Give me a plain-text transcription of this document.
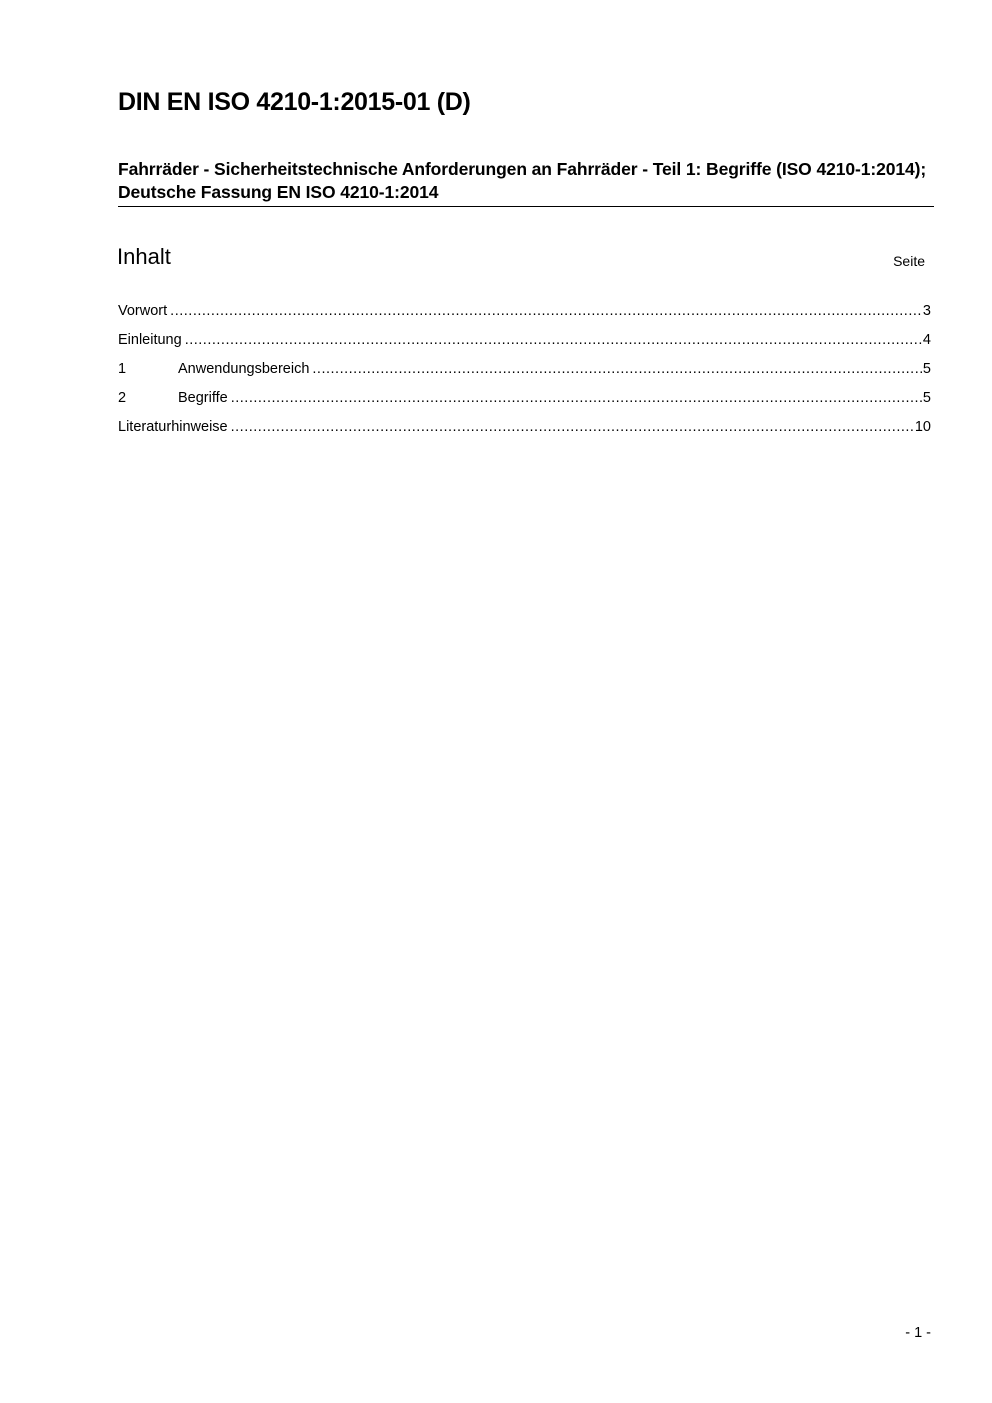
DIN EN ISO 4210-1:2015-01 (D)
Fahrräder - Sicherheitstechnische Anforderungen an Fahrräder - Teil 1: Begriffe (ISO 4210-1:2014); Deutsche Fassung EN ISO 4210-1:2014
Inhalt	Seite
Vorwort .....	3
Einleitung .....	4
1	Anwendungsbereich .....	5
2	Begriffe .....	5
Literaturhinweise .....	10
- 1 -
